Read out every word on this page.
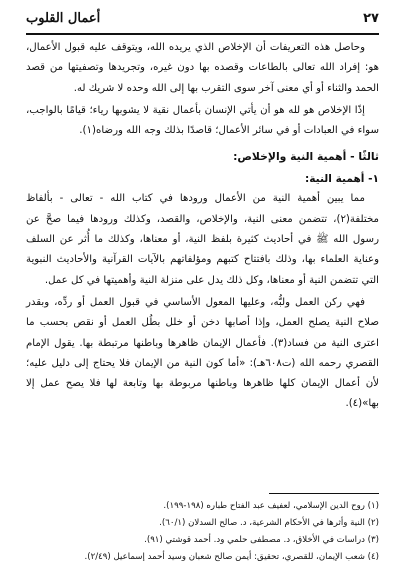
٢٧
أعمال القلوب

وحاصل هذه التعريفات أن الإخلاص الذي يريده الله، ويتوقف عليه قبول الأعمال، هو: إفراد الله تعالى بالطاعات وقصده بها دون غيره، وتجريدها وتصفيتها من قصد الحمد والثناء أو أي معنى آخر سوى التقرب بها إلى الله وحده لا شريك له.

إذًا الإخلاص هو لله هو أن يأتي الإنسان بأعمال نقية لا يشوبها رياء؛ قيامًا بالواجب، سواء في العبادات أو في سائر الأعمال؛ قاصدًا بذلك وجه الله ورضاه(١).

ثالثًا - أهمية النية والإخلاص:
١- أهمية النية:

مما يبين أهمية النية من الأعمال ورودها في كتاب الله - تعالى - بألفاظ مختلفة(٢)، تتضمن معنى النية، والإخلاص، والقصد، وكذلك ورودها فيما صحَّ عن رسول الله ﷺ في أحاديث كثيرة بلفظ النية، أو معناها، وكذلك ما أُثر عن السلف وعناية العلماء بها، وذلك بافتتاح كتبهم ومؤلفاتهم بالآيات القرآنية والأحاديث النبوية التي تتضمن النية أو معناها، وكل ذلك يدل على منزلة النية وأهميتها في كل عمل.

فهي ركن العمل ولبُّه، وعليها المعول الأساسي في قبول العمل أو ردِّه، وبقدر صلاح النية يصلح العمل، وإذا أصابها دخن أو خلل بطُل العمل أو نقص بحسب ما اعترى النية من فساد(٣). فأعمال الإيمان ظاهرها وباطنها مرتبطة بها. يقول الإمام القصري رحمه الله (ت٦٠٨هـ): «أما كون النية من الإيمان فلا يحتاج إلى دليل عليه؛ لأن أعمال الإيمان كلها ظاهرها وباطنها مربوطة بها وتابعة لها فلا يصح عمل إلا بها»(٤).

(١) روح الدين الإسلامي، لعفيف عبد الفتاح طباره (١٩٨-١٩٩).

(٢) النية وأثرها في الأحكام الشرعية، د. صالح السدلان (٦٠/١).

(٣) دراسات في الأخلاق، د. مصطفى حلمي ود. أحمد قوشتي (٩١).

(٤) شعب الإيمان، للقصري، تحقيق: أيمن صالح شعبان وسيد أحمد إسماعيل (٢/٤٩).
